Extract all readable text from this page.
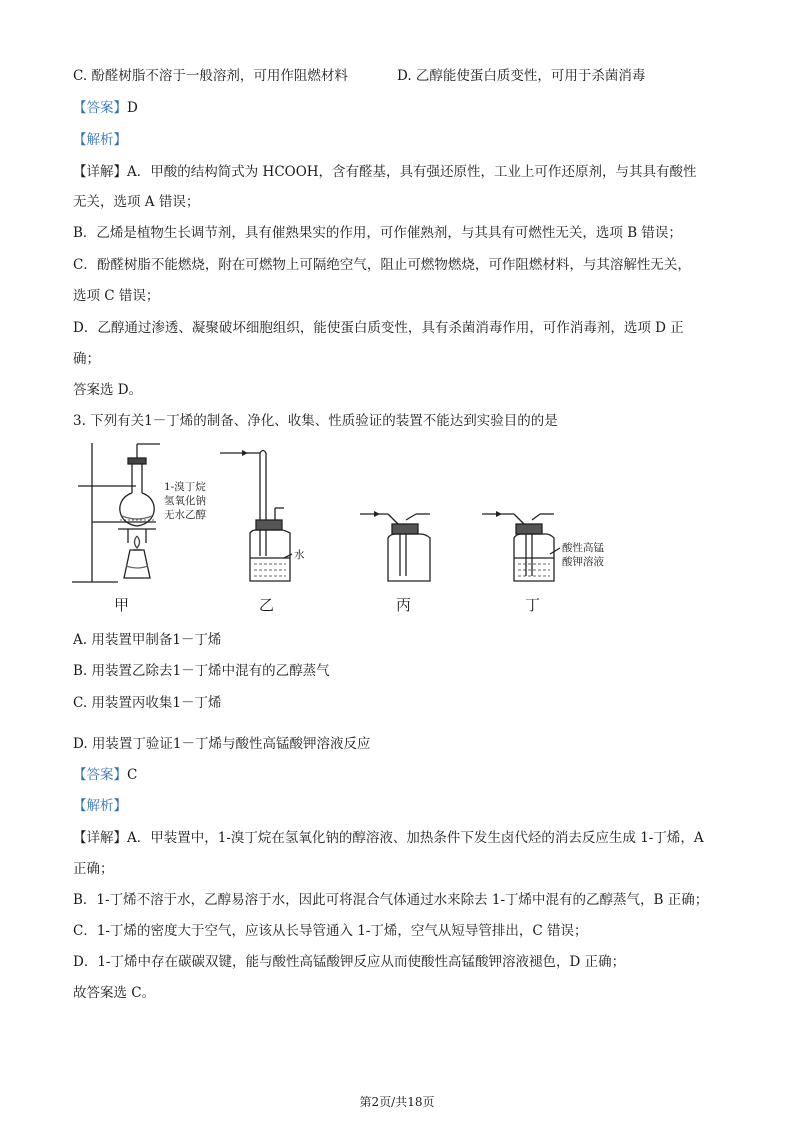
C. 酚醛树脂不溶于一般溶剂，可用作阻燃材料	D. 乙醇能使蛋白质变性，可用于杀菌消毒
【答案】D
【解析】
【详解】A．甲酸的结构简式为 HCOOH，含有醛基，具有强还原性，工业上可作还原剂，与其具有酸性
无关，选项 A 错误；
B．乙烯是植物生长调节剂，具有催熟果实的作用，可作催熟剂，与其具有可燃性无关，选项 B 错误；
C．酚醛树脂不能燃烧，附在可燃物上可隔绝空气，阻止可燃物燃烧，可作阻燃材料，与其溶解性无关，
选项 C 错误；
D．乙醇通过渗透、凝聚破坏细胞组织，能使蛋白质变性，具有杀菌消毒作用，可作消毒剂，选项 D 正
确；
答案选 D。
3. 下列有关1－丁烯的制备、净化、收集、性质验证的装置不能达到实验目的的是
1-溴丁烷
氢氧化钠
无水乙醇
水
酸性高锰
酸钾溶液
甲	乙	丙	丁
A. 用装置甲制备1－丁烯
B. 用装置乙除去1－丁烯中混有的乙醇蒸气
C. 用装置丙收集1－丁烯
D. 用装置丁验证1－丁烯与酸性高锰酸钾溶液反应
【答案】C
【解析】
【详解】A．甲装置中，1-溴丁烷在氢氧化钠的醇溶液、加热条件下发生卤代烃的消去反应生成 1-丁烯，A
正确；
B．1-丁烯不溶于水，乙醇易溶于水，因此可将混合气体通过水来除去 1-丁烯中混有的乙醇蒸气，B 正确；
C．1-丁烯的密度大于空气，应该从长导管通入 1-丁烯，空气从短导管排出，C 错误；
D．1-丁烯中存在碳碳双键，能与酸性高锰酸钾反应从而使酸性高锰酸钾溶液褪色，D 正确；
故答案选 C。
第2页/共18页
